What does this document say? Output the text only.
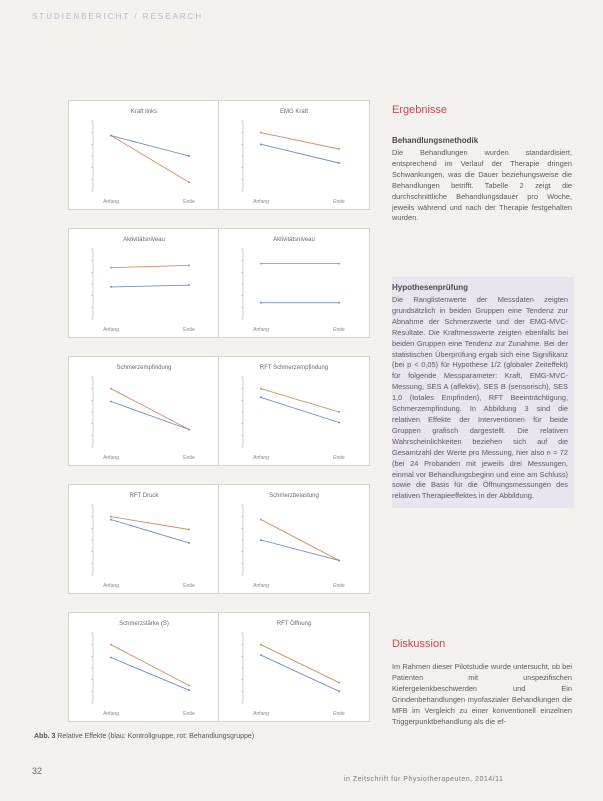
STUDIENBERICHT / RESEARCH
Anfang	Ende
Kraft links
Anfang	Ende
EMG Kraft
Anfang	Ende
Aktivitätsniveau
Anfang	Ende
Aktivitätsniveau
Anfang	Ende
Schmerzempfindung
Anfang	Ende
RFT Schmerzempfindung
Anfang	Ende
RFT Druck
Anfang	Ende
Schmerzbelastung
Anfang	Ende
Schmerzstärke (S)
Anfang	Ende
RFT Öffnung
Abb. 3 Relative Effekte (blau: Kontrollgruppe, rot: Behandlungsgruppe)
Ergebnisse
Behandlungsmethodik

Die Behandlungen wurden standardisiert, entsprechend im Verlauf der Therapie dringen Schwankungen, was die Dauer beziehungsweise die Behandlungen betrifft. Tabelle 2 zeigt die durchschnittliche Behandlungsdauer pro Woche, jeweils während und nach der Therapie festgehalten wurden.

Hypothesenprüfung

Die Ranglistenwerte der Messdaten zeigten grundsätzlich in beiden Gruppen eine Tendenz zur Abnahme der Schmerzwerte und der EMG-MVC-Resultate. Die Kraftmesswerte zeigten ebenfalls bei beiden Gruppen eine Tendenz zur Zunahme. Bei der statistischen Überprüfung ergab sich eine Signifikanz (bei p < 0,05) für Hypothese 1/2 (globaler Zeiteffekt) für folgende Messparameter: Kraft, EMG-MVC-Messung, SES A (affektiv), SES B (sensorisch), SES 1,0 (totales Empfinden), RFT Beeinträchtigung, Schmerzempfindung. In Abbildung 3 sind die relativen Effekte der Interventionen für beide Gruppen grafisch dargestellt. Die relativen Wahrscheinlichkeiten beziehen sich auf die Gesamtzahl der Werte pro Messung, hier also n = 72 (bei 24 Probanden mit jeweils drei Messungen, einmal vor Behandlungsbeginn und eine am Schluss) sowie die Basis für die Öffnungsmessungen des relativen Therapieeffektes in der Abbildung.

Diskussion

Im Rahmen dieser Pilotstudie wurde untersucht, ob bei Patienten mit unspezifischen Kiefergelenkbeschwerden und Ein Grindenbehandlungen myofaszialer Behandlungen die MFB im Vergleich zu einer konventionell einzelnen Triggerpunktbehandlung als die ef-

32
in Zeitschrift für Physiotherapeuten, 2014/11
